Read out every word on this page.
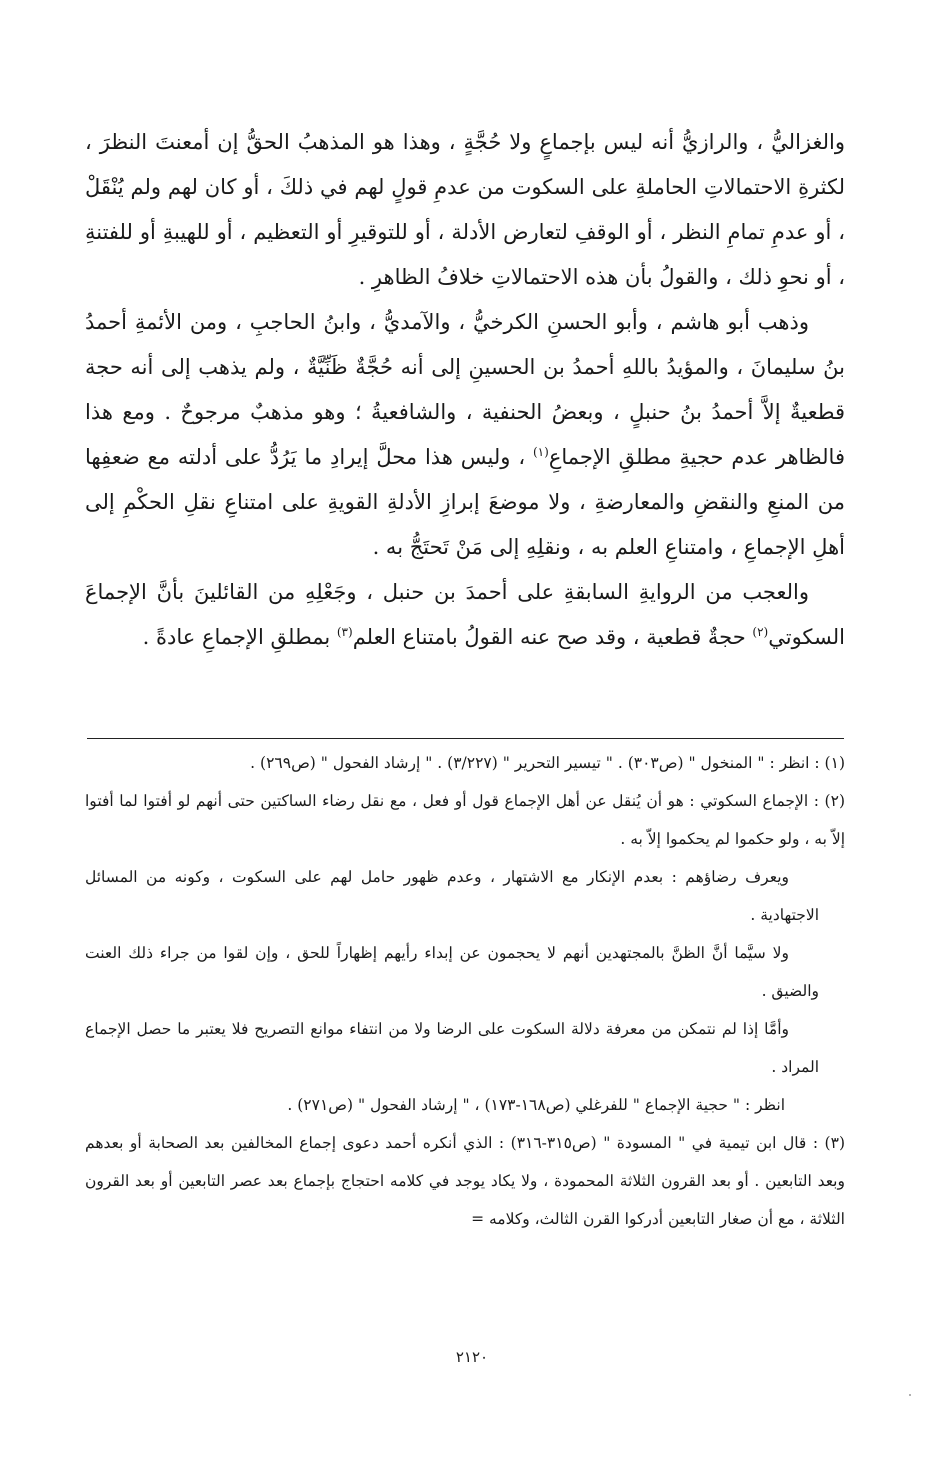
والغزاليُّ ، والرازيُّ أنه ليس بإجماعٍ ولا حُجَّةٍ ، وهذا هو المذهبُ الحقُّ إن أمعنتَ النظرَ ، لكثرةِ الاحتمالاتِ الحاملةِ على السكوت من عدمِ قولٍ لهم في ذلكَ ، أو كان لهم ولم يُنْقَلْ ، أو عدمِ تمامِ النظر ، أو الوقفِ لتعارض الأدلة ، أو للتوقيرِ أو التعظيم ، أو للهيبةِ أو للفتنةِ ، أو نحوِ ذلك ، والقولُ بأن هذه الاحتمالاتِ خلافُ الظاهرِ .

وذهب أبو هاشم ، وأبو الحسنِ الكرخيُّ ، والآمديُّ ، وابنُ الحاجبِ ، ومن الأئمةِ أحمدُ بنُ سليمانَ ، والمؤيدُ باللهِ أحمدُ بن الحسينِ إلى أنه حُجَّةٌ ظَنِّيَّةٌ ، ولم يذهب إلى أنه حجة قطعيةٌ إلاَّ أحمدُ بنُ حنبلٍ ، وبعضُ الحنفية ، والشافعيةُ ؛ وهو مذهبٌ مرجوحٌ . ومع هذا فالظاهر عدم حجيةِ مطلقِ الإجماعِ$^{(١)}$ ، وليس هذا محلَّ إيرادِ ما يَرُدُّ على أدلته مع ضعفِها من المنعِ والنقضِ والمعارضةِ ، ولا موضعَ إبرازِ الأدلةِ القويةِ على امتناعِ نقلِ الحكْمِ إلى أهلِ الإجماعِ ، وامتناعِ العلم به ، ونقلِهِ إلى مَنْ تَحتَجُّ به .

والعجب من الروايةِ السابقةِ على أحمدَ بن حنبل ، وجَعْلِهِ من القائلينَ بأنَّ الإجماعَ السكوتي$^{(٢)}$ حجةٌ قطعية ، وقد صح عنه القولُ بامتناع العلم$^{(٣)}$ بمطلقِ الإجماعِ عادةً .

(١) : انظر : " المنخول " (ص٣٠٣) . " تيسير التحرير " (٣/٢٢٧) . " إرشاد الفحول " (ص٢٦٩) .

(٢) : الإجماع السكوتي : هو أن يُنقل عن أهل الإجماع قول أو فعل ، مع نقل رضاء الساكتين حتى أنهم لو أفتوا لما أفتوا إلاّ به ، ولو حكموا لم يحكموا إلاّ به .

ويعرف رضاؤهم : بعدم الإنكار مع الاشتهار ، وعدم ظهور حامل لهم على السكوت ، وكونه من المسائل الاجتهادية .

ولا سيَّما أنَّ الظنَّ بالمجتهدين أنهم لا يحجمون عن إبداء رأيهم إظهاراً للحق ، وإن لقوا من جراء ذلك العنت والضيق .

وأمَّا إذا لم نتمكن من معرفة دلالة السكوت على الرضا ولا من انتفاء موانع التصريح فلا يعتبر ما حصل الإجماع المراد .

انظر : " حجية الإجماع " للفرغلي (ص١٦٨-١٧٣) ، " إرشاد الفحول " (ص٢٧١) .

(٣) : قال ابن تيمية في " المسودة " (ص٣١٥-٣١٦) : الذي أنكره أحمد دعوى إجماع المخالفين بعد الصحابة أو بعدهم وبعد التابعين . أو بعد القرون الثلاثة المحمودة ، ولا يكاد يوجد في كلامه احتجاج بإجماع بعد عصر التابعين أو بعد القرون الثلاثة ، مع أن صغار التابعين أدركوا القرن الثالث، وكلامه =

٢١٢٠
